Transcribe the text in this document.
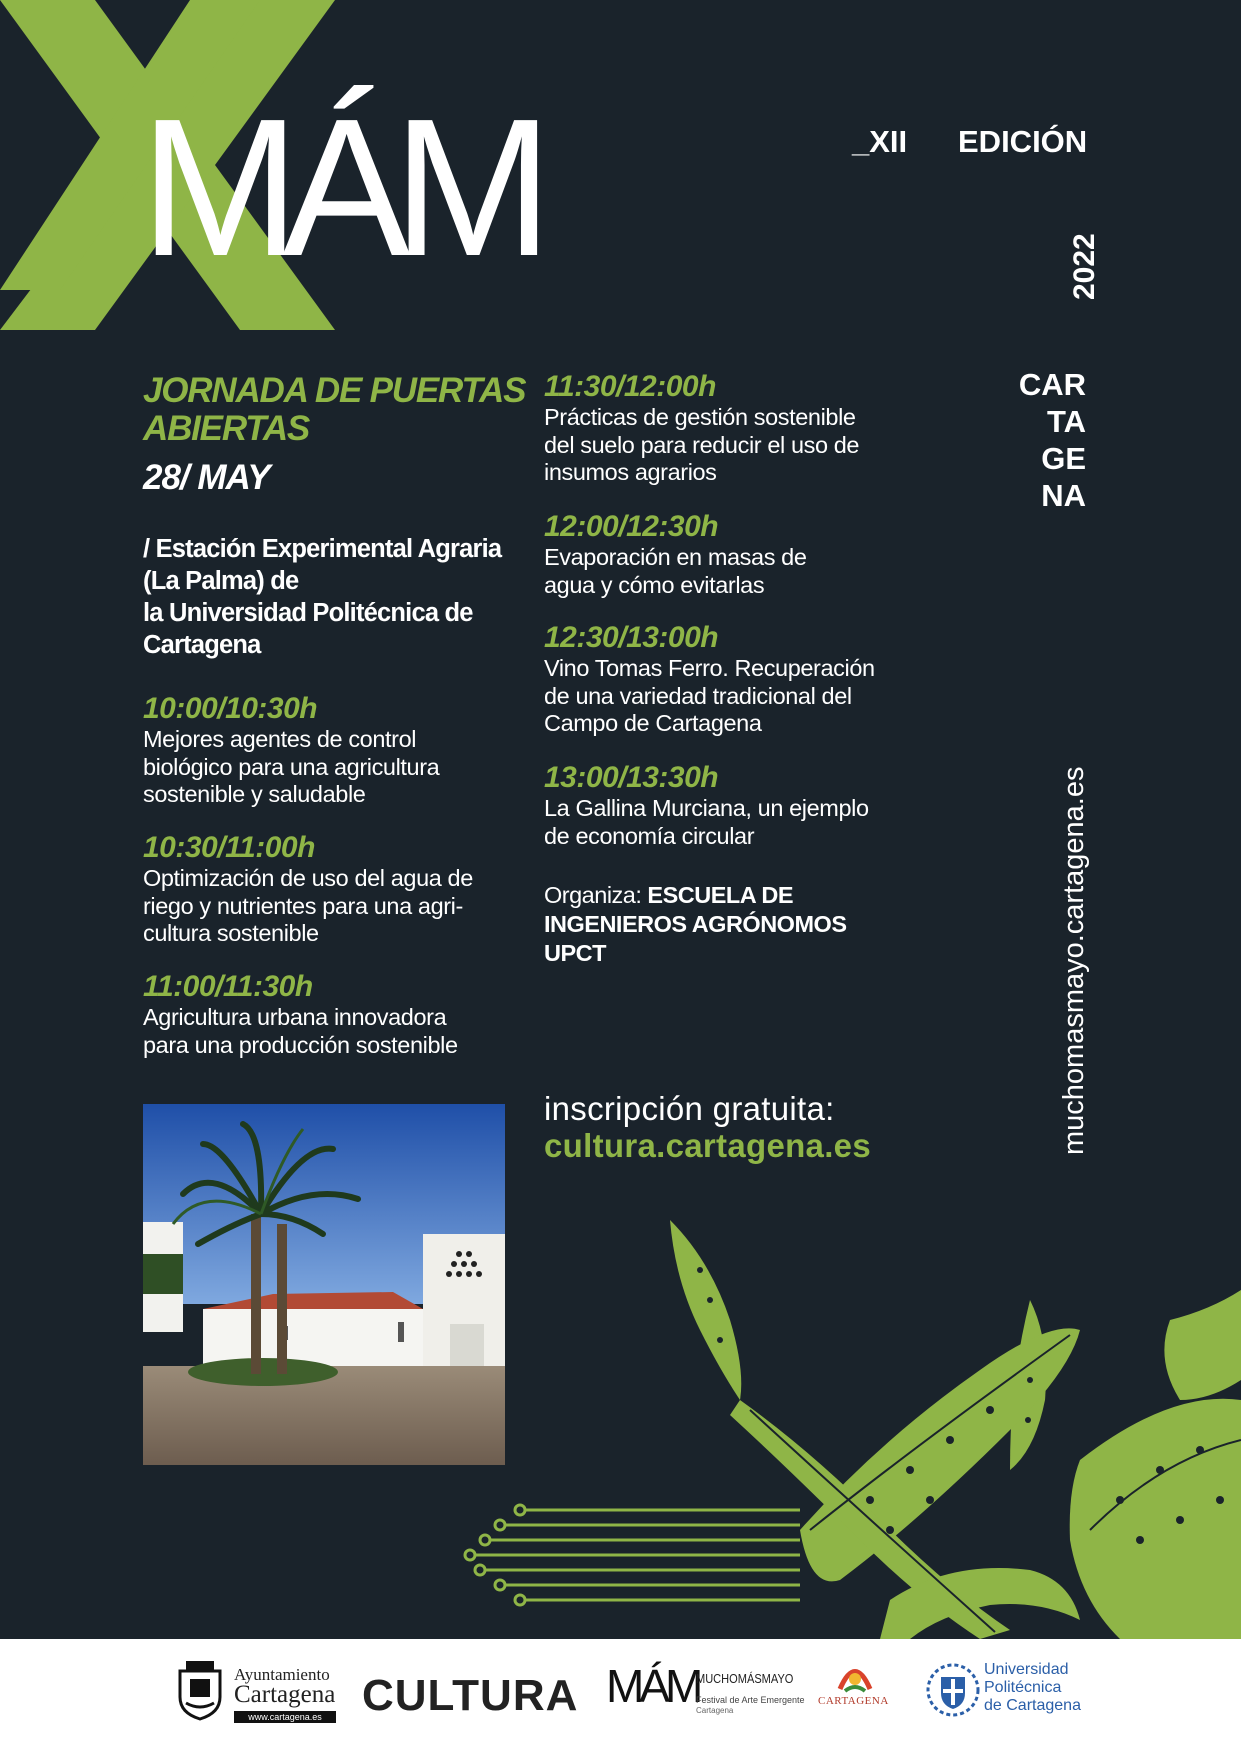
MÁM	_XII EDICIÓN
2022
CAR
TA
GE
NA
muchomasmayo.cartagena.es
JORNADA DE PUERTAS
ABIERTAS
28/ MAY
/ Estación Experimental Agraria
(La Palma) de
la Universidad Politécnica de
Cartagena
10:00/10:30h
Mejores agentes de control
biológico para una agricultura
sostenible y saludable
10:30/11:00h
Optimización de uso del agua de
riego y nutrientes para una agri-
cultura sostenible
11:00/11:30h
Agricultura urbana innovadora
para una producción sostenible
11:30/12:00h
Prácticas de gestión sostenible
del suelo para reducir el uso de
insumos agrarios
12:00/12:30h
Evaporación en masas de
agua y cómo evitarlas
12:30/13:00h
Vino Tomas Ferro. Recuperación
de una variedad tradicional del
Campo de Cartagena
13:00/13:30h
La Gallina Murciana, un ejemplo
de economía circular
Organiza: ESCUELA DE
INGENIEROS AGRÓNOMOS
UPCT
inscripción gratuita:
cultura.cartagena.es
Ayuntamiento
Cartagena
www.cartagena.es CULTURA MÁM
MUCHOMÁSMAYO
Festival de Arte Emergente
Cartagena
CARTAGENA
Universidad
Politécnica
de Cartagena
